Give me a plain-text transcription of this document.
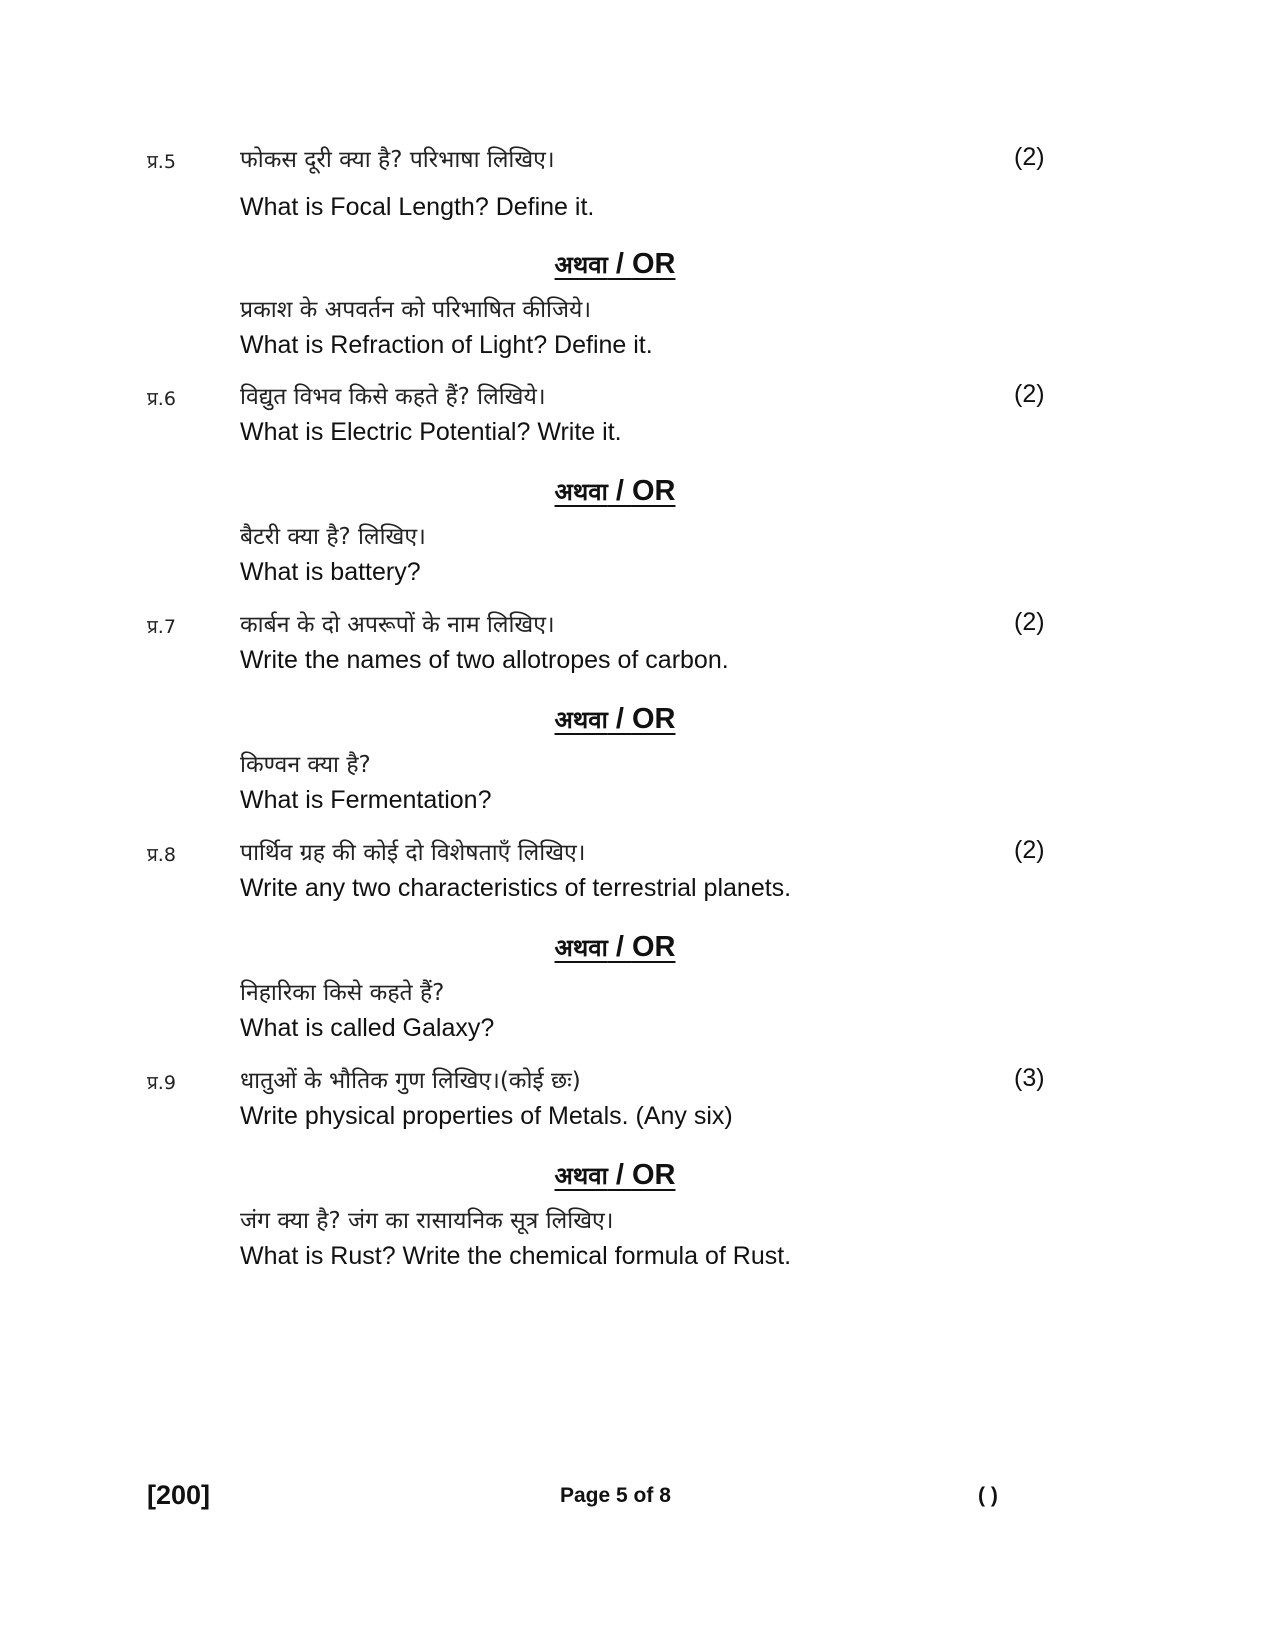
प्र.5	फोकस दूरी क्या है? परिभाषा लिखिए।	(2)
What is Focal Length? Define it.
अथवा / OR
प्रकाश के अपवर्तन को परिभाषित कीजिये।
What is Refraction of Light? Define it.
प्र.6	विद्युत विभव किसे कहते हैं? लिखिये।	(2)
What is Electric Potential? Write it.
अथवा / OR
बैटरी क्या है? लिखिए।
What is battery?
प्र.7	कार्बन के दो अपरूपों के नाम लिखिए।	(2)
Write the names of two allotropes of carbon.
अथवा / OR
किण्वन क्या है?
What is Fermentation?
प्र.8	पार्थिव ग्रह की कोई दो विशेषताएँ लिखिए।	(2)
Write any two characteristics of terrestrial planets.
अथवा / OR
निहारिका किसे कहते हैं?
What is called Galaxy?
प्र.9	धातुओं के भौतिक गुण लिखिए।(कोई छः)	(3)
Write physical properties of Metals. (Any six)
अथवा / OR
जंग क्या है? जंग का रासायनिक सूत्र लिखिए।
What is Rust? Write the chemical formula of Rust.
[200]	Page 5 of 8	( )
